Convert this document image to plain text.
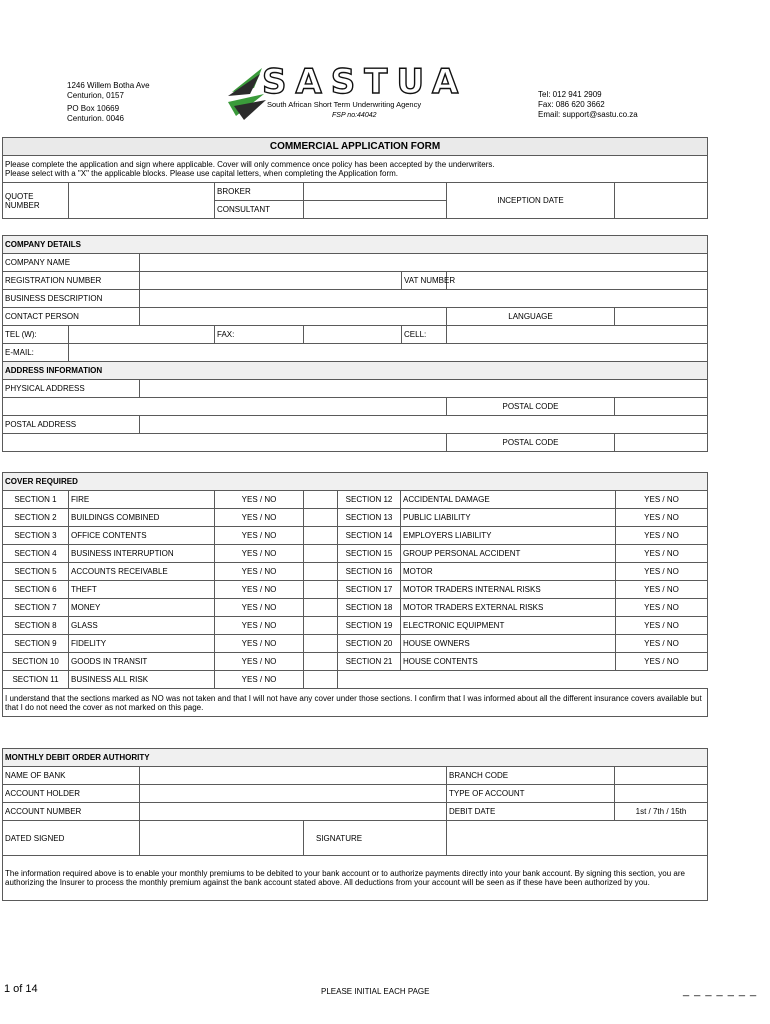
1246 Willem Botha Ave
Centurion, 0157
PO Box 10669
Centurion. 0046
SASTUA
South African Short Term Underwriting Agency
FSP no:44042
Tel: 012 941 2909
Fax: 086 620 3662
Email: support@sastu.co.za
COMMERCIAL APPLICATION FORM					

Please complete the application and sign where applicable. Cover will only commence once policy has been accepted by the underwriters.
Please select with a "X" the applicable blocks. Please use capital letters, when completing the Application form.					

QUOTE NUMBER		BROKER		INCEPTION DATE	
		CONSULTANT			
COMPANY DETAILS							
COMPANY NAME							
REGISTRATION NUMBER					VAT NUMBER		
BUSINESS DESCRIPTION							
CONTACT PERSON						LANGUAGE	
TEL (W):			FAX:		CELL:		
E-MAIL:							
ADDRESS INFORMATION							
PHYSICAL ADDRESS							
						POSTAL CODE	
POSTAL ADDRESS							
						POSTAL CODE	
COVER REQUIRED						
SECTION 1	FIRE	YES / NO		SECTION 12	ACCIDENTAL DAMAGE	YES / NO
SECTION 2	BUILDINGS COMBINED	YES / NO		SECTION 13	PUBLIC LIABILITY	YES / NO
SECTION 3	OFFICE CONTENTS	YES / NO		SECTION 14	EMPLOYERS LIABILITY	YES / NO
SECTION 4	BUSINESS INTERRUPTION	YES / NO		SECTION 15	GROUP PERSONAL ACCIDENT	YES / NO
SECTION 5	ACCOUNTS RECEIVABLE	YES / NO		SECTION 16	MOTOR	YES / NO
SECTION 6	THEFT	YES / NO		SECTION 17	MOTOR TRADERS INTERNAL RISKS	YES / NO
SECTION 7	MONEY	YES / NO		SECTION 18	MOTOR TRADERS EXTERNAL RISKS	YES / NO
SECTION 8	GLASS	YES / NO		SECTION 19	ELECTRONIC EQUIPMENT	YES / NO
SECTION 9	FIDELITY	YES / NO		SECTION 20	HOUSE OWNERS	YES / NO
SECTION 10	GOODS IN TRANSIT	YES / NO		SECTION 21	HOUSE CONTENTS	YES / NO
SECTION 11	BUSINESS ALL RISK	YES / NO				
I understand that the sections marked as NO was not taken and that I will not have any cover under those sections. I confirm that I was informed about all the different insurance covers available but that I do not need the cover as not marked on this page.						
MONTHLY DEBIT ORDER AUTHORITY				
NAME OF BANK			BRANCH CODE	
ACCOUNT HOLDER			TYPE OF ACCOUNT	
ACCOUNT NUMBER			DEBIT DATE	1st / 7th / 15th
DATED SIGNED		SIGNATURE		
The information required above is to enable your monthly premiums to be debited to your bank account or to authorize payments directly into your bank account. By signing this section, you are authorizing the Insurer to process the monthly premium against the bank account stated above. All deductions from your account will be seen as if these have been authorized by you.				
1 of 14	PLEASE INITIAL EACH PAGE	_ _ _ _ _ _ _
